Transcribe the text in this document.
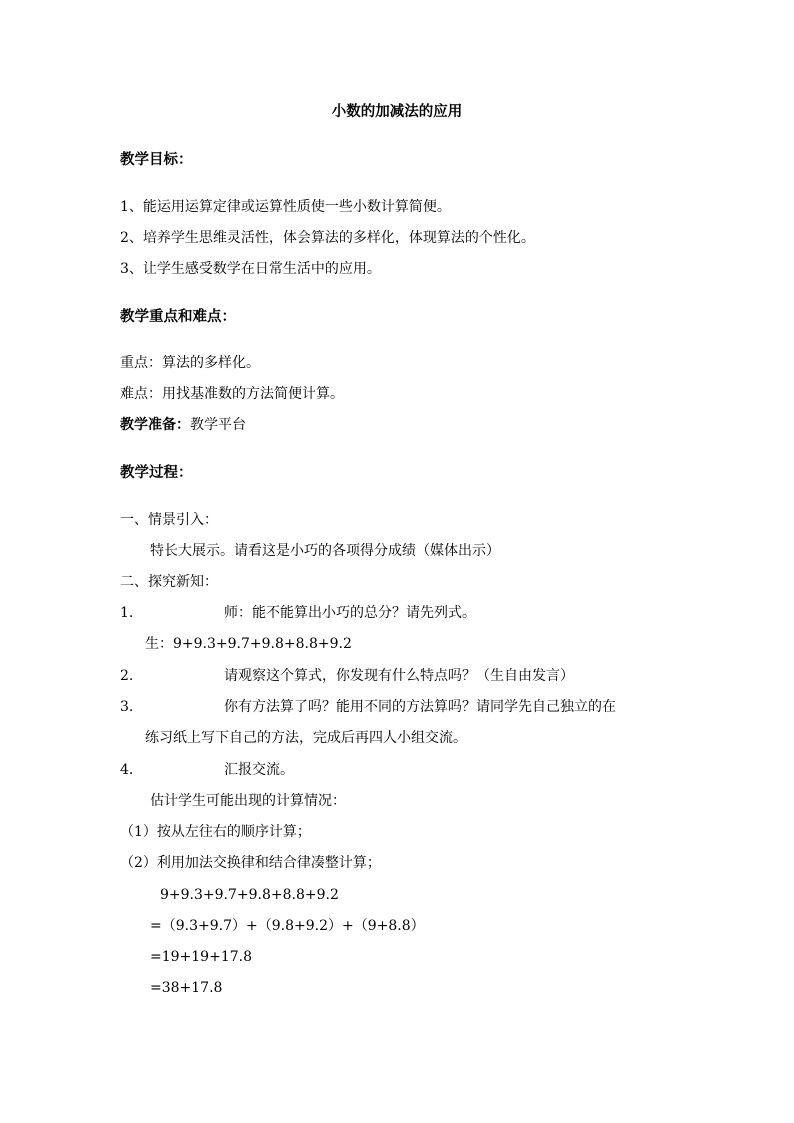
小数的加减法的应用
教学目标：
1、能运用运算定律或运算性质使一些小数计算简便。
2、培养学生思维灵活性，体会算法的多样化，体现算法的个性化。
3、让学生感受数学在日常生活中的应用。
教学重点和难点：
重点：算法的多样化。
难点：用找基准数的方法简便计算。
教学准备：教学平台
教学过程：
一、情景引入：
特长大展示。请看这是小巧的各项得分成绩（媒体出示）
二、探究新知：
1.	师：能不能算出小巧的总分？请先列式。
生：9+9.3+9.7+9.8+8.8+9.2
2.	请观察这个算式，你发现有什么特点吗？（生自由发言）
3.	你有方法算了吗？能用不同的方法算吗？请同学先自己独立的在
练习纸上写下自己的方法，完成后再四人小组交流。
4.	汇报交流。
估计学生可能出现的计算情况：
（1）按从左往右的顺序计算；
（2）利用加法交换律和结合律凑整计算；
9+9.3+9.7+9.8+8.8+9.2
=（9.3+9.7）+（9.8+9.2）+（9+8.8）
=19+19+17.8
=38+17.8
